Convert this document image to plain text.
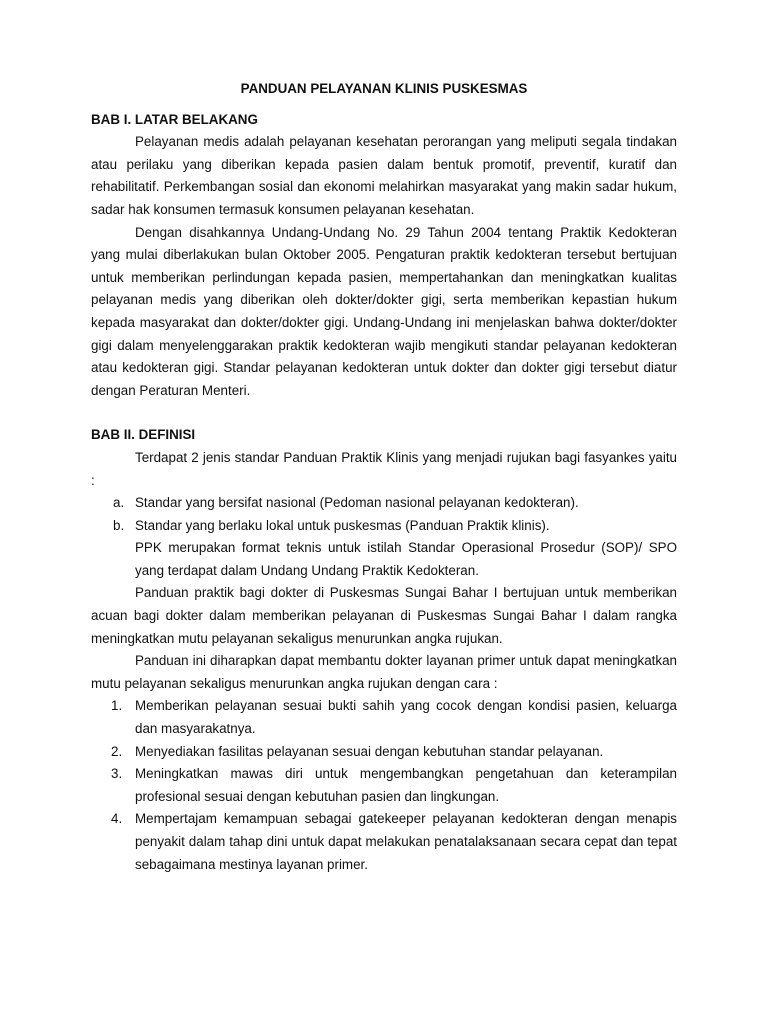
PANDUAN PELAYANAN KLINIS PUSKESMAS

BAB I. LATAR BELAKANG

Pelayanan medis adalah pelayanan kesehatan perorangan yang meliputi segala tindakan atau perilaku yang diberikan kepada pasien dalam bentuk promotif, preventif, kuratif dan rehabilitatif. Perkembangan sosial dan ekonomi melahirkan masyarakat yang makin sadar hukum, sadar hak konsumen termasuk konsumen pelayanan kesehatan.

Dengan disahkannya Undang-Undang No. 29 Tahun 2004 tentang Praktik Kedokteran yang mulai diberlakukan bulan Oktober 2005. Pengaturan praktik kedokteran tersebut bertujuan untuk memberikan perlindungan kepada pasien, mempertahankan dan meningkatkan kualitas pelayanan medis yang diberikan oleh dokter/dokter gigi, serta memberikan kepastian hukum kepada masyarakat dan dokter/dokter gigi. Undang-Undang ini menjelaskan bahwa dokter/dokter gigi dalam menyelenggarakan praktik kedokteran wajib mengikuti standar pelayanan kedokteran atau kedokteran gigi. Standar pelayanan kedokteran untuk dokter dan dokter gigi tersebut diatur dengan Peraturan Menteri.

BAB II. DEFINISI

Terdapat 2 jenis standar Panduan Praktik Klinis yang menjadi rujukan bagi fasyankes yaitu :

a. Standar yang bersifat nasional (Pedoman nasional pelayanan kedokteran).
b. Standar yang berlaku lokal untuk puskesmas (Panduan Praktik klinis).

PPK merupakan format teknis untuk istilah Standar Operasional Prosedur (SOP)/ SPO yang terdapat dalam Undang Undang Praktik Kedokteran.

Panduan praktik bagi dokter di Puskesmas Sungai Bahar I bertujuan untuk memberikan acuan bagi dokter dalam memberikan pelayanan di Puskesmas Sungai Bahar I dalam rangka meningkatkan mutu pelayanan sekaligus menurunkan angka rujukan.

Panduan ini diharapkan dapat membantu dokter layanan primer untuk dapat meningkatkan mutu pelayanan sekaligus menurunkan angka rujukan dengan cara :

1. Memberikan pelayanan sesuai bukti sahih yang cocok dengan kondisi pasien, keluarga dan masyarakatnya.
2. Menyediakan fasilitas pelayanan sesuai dengan kebutuhan standar pelayanan.
3. Meningkatkan mawas diri untuk mengembangkan pengetahuan dan keterampilan profesional sesuai dengan kebutuhan pasien dan lingkungan.
4. Mempertajam kemampuan sebagai gatekeeper pelayanan kedokteran dengan menapis penyakit dalam tahap dini untuk dapat melakukan penatalaksanaan secara cepat dan tepat sebagaimana mestinya layanan primer.
